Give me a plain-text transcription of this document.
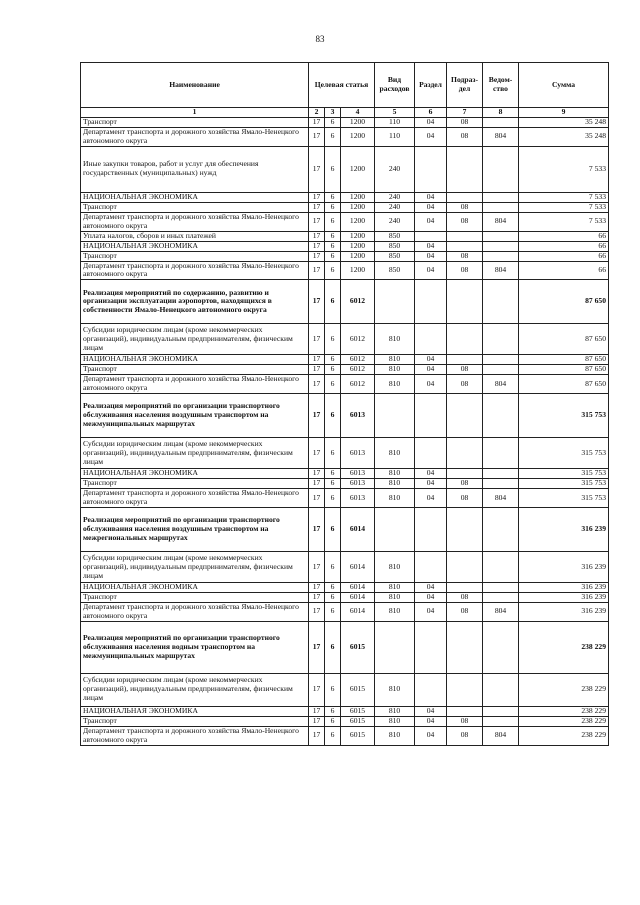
83
Наименование	Целевая статья			Вид расходов	Раздел	Подраз-дел	Ведом-ство	Сумма
1	2	3	4	5	6	7	8	9
Транспорт	17	6	1200	110	04	08		35 248
Департамент транспорта и дорожного хозяйства Ямало-Ненецкого автономного округа	17	6	1200	110	04	08	804	35 248
Иные закупки товаров, работ и услуг для обеспечения государственных (муниципальных) нужд	17	6	1200	240				7 533
НАЦИОНАЛЬНАЯ ЭКОНОМИКА	17	6	1200	240	04			7 533
Транспорт	17	6	1200	240	04	08		7 533
Департамент транспорта и дорожного хозяйства Ямало-Ненецкого автономного округа	17	6	1200	240	04	08	804	7 533
Уплата налогов, сборов и иных платежей	17	6	1200	850				66
НАЦИОНАЛЬНАЯ ЭКОНОМИКА	17	6	1200	850	04			66
Транспорт	17	6	1200	850	04	08		66
Департамент транспорта и дорожного хозяйства Ямало-Ненецкого автономного округа	17	6	1200	850	04	08	804	66
Реализация мероприятий по содержанию, развитию и организации эксплуатации аэропортов, находящихся в собственности Ямало-Ненецкого автономного округа	17	6	6012					87 650
Субсидии юридическим лицам (кроме некоммерческих организаций), индивидуальным предпринимателям, физическим лицам	17	6	6012	810				87 650
НАЦИОНАЛЬНАЯ ЭКОНОМИКА	17	6	6012	810	04			87 650
Транспорт	17	6	6012	810	04	08		87 650
Департамент транспорта и дорожного хозяйства Ямало-Ненецкого автономного округа	17	6	6012	810	04	08	804	87 650
Реализация мероприятий по организации транспортного обслуживания населения воздушным транспортом на межмуниципальных маршрутах	17	6	6013					315 753
Субсидии юридическим лицам (кроме некоммерческих организаций), индивидуальным предпринимателям, физическим лицам	17	6	6013	810				315 753
НАЦИОНАЛЬНАЯ ЭКОНОМИКА	17	6	6013	810	04			315 753
Транспорт	17	6	6013	810	04	08		315 753
Департамент транспорта и дорожного хозяйства Ямало-Ненецкого автономного округа	17	6	6013	810	04	08	804	315 753
Реализация мероприятий по организации транспортного обслуживания населения воздушным транспортом на межрегиональных маршрутах	17	6	6014					316 239
Субсидии юридическим лицам (кроме некоммерческих организаций), индивидуальным предпринимателям, физическим лицам	17	6	6014	810				316 239
НАЦИОНАЛЬНАЯ ЭКОНОМИКА	17	6	6014	810	04			316 239
Транспорт	17	6	6014	810	04	08		316 239
Департамент транспорта и дорожного хозяйства Ямало-Ненецкого автономного округа	17	6	6014	810	04	08	804	316 239
Реализация мероприятий по организации транспортного обслуживания населения водным транспортом на межмуниципальных маршрутах	17	6	6015					238 229
Субсидии юридическим лицам (кроме некоммерческих организаций), индивидуальным предпринимателям, физическим лицам	17	6	6015	810				238 229
НАЦИОНАЛЬНАЯ ЭКОНОМИКА	17	6	6015	810	04			238 229
Транспорт	17	6	6015	810	04	08		238 229
Департамент транспорта и дорожного хозяйства Ямало-Ненецкого автономного округа	17	6	6015	810	04	08	804	238 229
